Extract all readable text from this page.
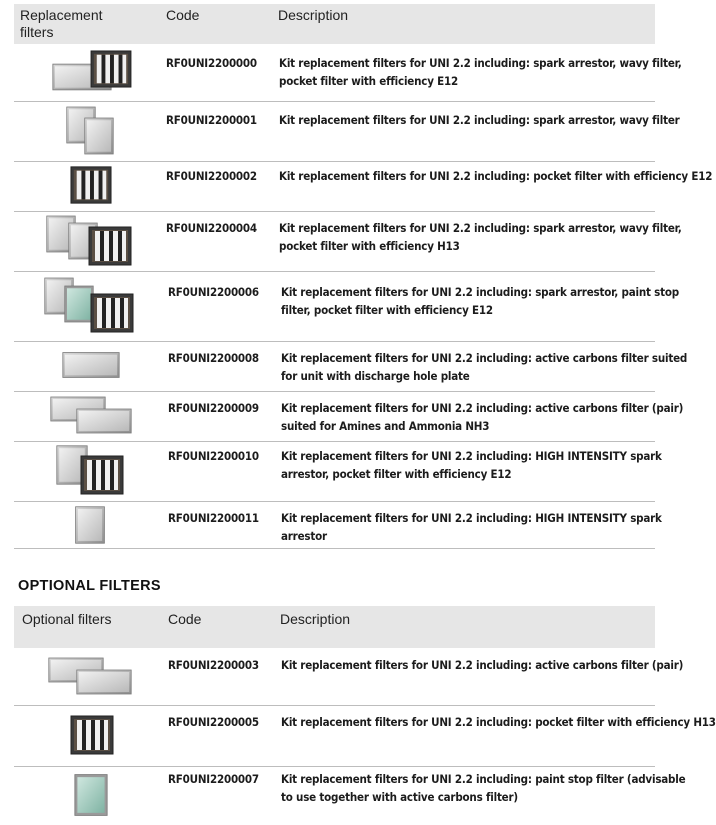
Replacement
filters
Code	Description
RF0UNI2200000 Kit replacement filters for UNI 2.2 including: spark arrestor, wavy filter,
pocket filter with efficiency E12
RF0UNI2200001 Kit replacement filters for UNI 2.2 including: spark arrestor, wavy filter
RF0UNI2200002 Kit replacement filters for UNI 2.2 including: pocket filter with efficiency E12
RF0UNI2200004 Kit replacement filters for UNI 2.2 including: spark arrestor, wavy filter,
pocket filter with efficiency H13
RF0UNI2200006 Kit replacement filters for UNI 2.2 including: spark arrestor, paint stop
filter, pocket filter with efficiency E12
RF0UNI2200008 Kit replacement filters for UNI 2.2 including: active carbons filter suited
for unit with discharge hole plate
RF0UNI2200009 Kit replacement filters for UNI 2.2 including: active carbons filter (pair)
suited for Amines and Ammonia NH3
RF0UNI2200010 Kit replacement filters for UNI 2.2 including: HIGH INTENSITY spark
arrestor, pocket filter with efficiency E12
RF0UNI2200011 Kit replacement filters for UNI 2.2 including: HIGH INTENSITY spark
arrestor
OPTIONAL FILTERS
Optional filters	Code	Description
RF0UNI2200003 Kit replacement filters for UNI 2.2 including: active carbons filter (pair)
RF0UNI2200005 Kit replacement filters for UNI 2.2 including: pocket filter with efficiency H13
RF0UNI2200007 Kit replacement filters for UNI 2.2 including: paint stop filter (advisable
to use together with active carbons filter)
